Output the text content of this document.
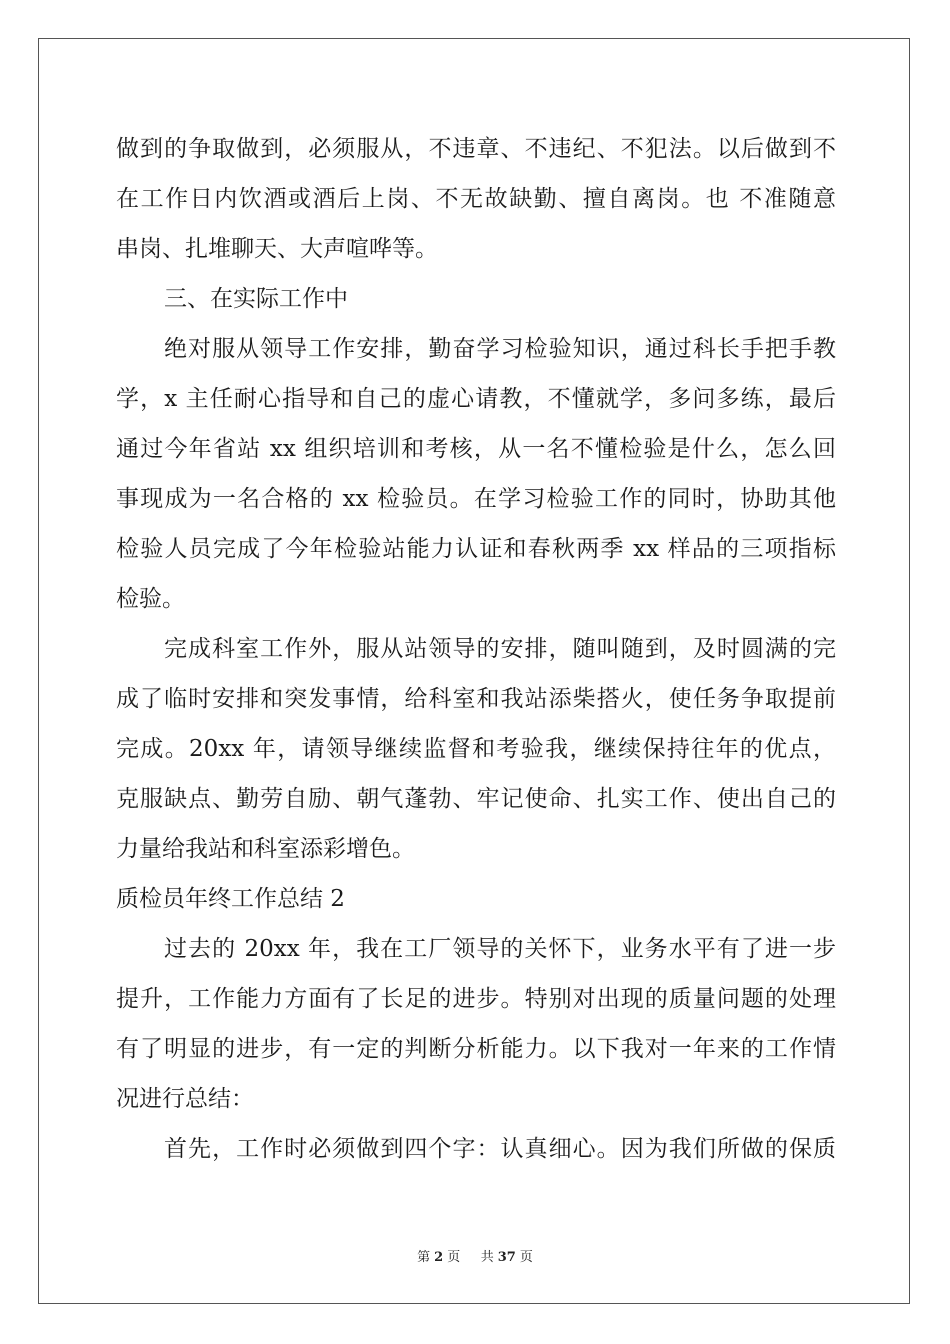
做到的争取做到，必须服从，不违章、不违纪、不犯法。以后做到不
在工作日内饮酒或酒后上岗、不无故缺勤、擅自离岗。也 不准随意
串岗、扎堆聊天、大声喧哗等。
三、在实际工作中
绝对服从领导工作安排，勤奋学习检验知识，通过科长手把手教
学，x 主任耐心指导和自己的虚心请教，不懂就学，多问多练，最后
通过今年省站 xx 组织培训和考核，从一名不懂检验是什么，怎么回
事现成为一名合格的 xx 检验员。在学习检验工作的同时，协助其他
检验人员完成了今年检验站能力认证和春秋两季 xx 样品的三项指标
检验。
完成科室工作外，服从站领导的安排，随叫随到，及时圆满的完
成了临时安排和突发事情，给科室和我站添柴搭火，使任务争取提前
完成。20xx 年，请领导继续监督和考验我，继续保持往年的优点，
克服缺点、勤劳自励、朝气蓬勃、牢记使命、扎实工作、使出自己的
力量给我站和科室添彩增色。
质检员年终工作总结 2
过去的 20xx 年，我在工厂领导的关怀下，业务水平有了进一步
提升，工作能力方面有了长足的进步。特别对出现的质量问题的处理
有了明显的进步，有一定的判断分析能力。以下我对一年来的工作情
况进行总结：
首先，工作时必须做到四个字：认真细心。因为我们所做的保质
第 2 页 共 37 页
